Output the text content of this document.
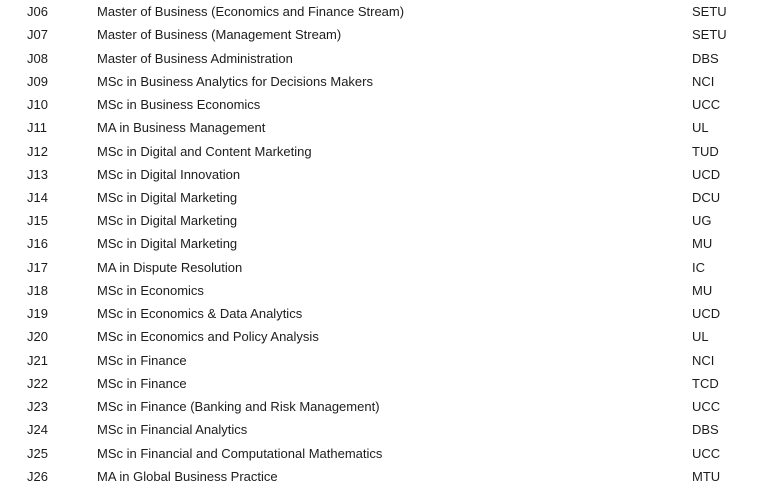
J06	Master of Business (Economics and Finance Stream)	SETU
J07	Master of Business (Management Stream)	SETU
J08	Master of Business Administration	DBS
J09	MSc in Business Analytics for Decisions Makers	NCI
J10	MSc in Business Economics	UCC
J11	MA in Business Management	UL
J12	MSc in Digital and Content Marketing	TUD
J13	MSc in Digital Innovation	UCD
J14	MSc in Digital Marketing	DCU
J15	MSc in Digital Marketing	UG
J16	MSc in Digital Marketing	MU
J17	MA in Dispute Resolution	IC
J18	MSc in Economics	MU
J19	MSc in Economics & Data Analytics	UCD
J20	MSc in Economics and Policy Analysis	UL
J21	MSc in Finance	NCI
J22	MSc in Finance	TCD
J23	MSc in Finance (Banking and Risk Management)	UCC
J24	MSc in Financial Analytics	DBS
J25	MSc in Financial and Computational Mathematics	UCC
J26	MA in Global Business Practice	MTU
